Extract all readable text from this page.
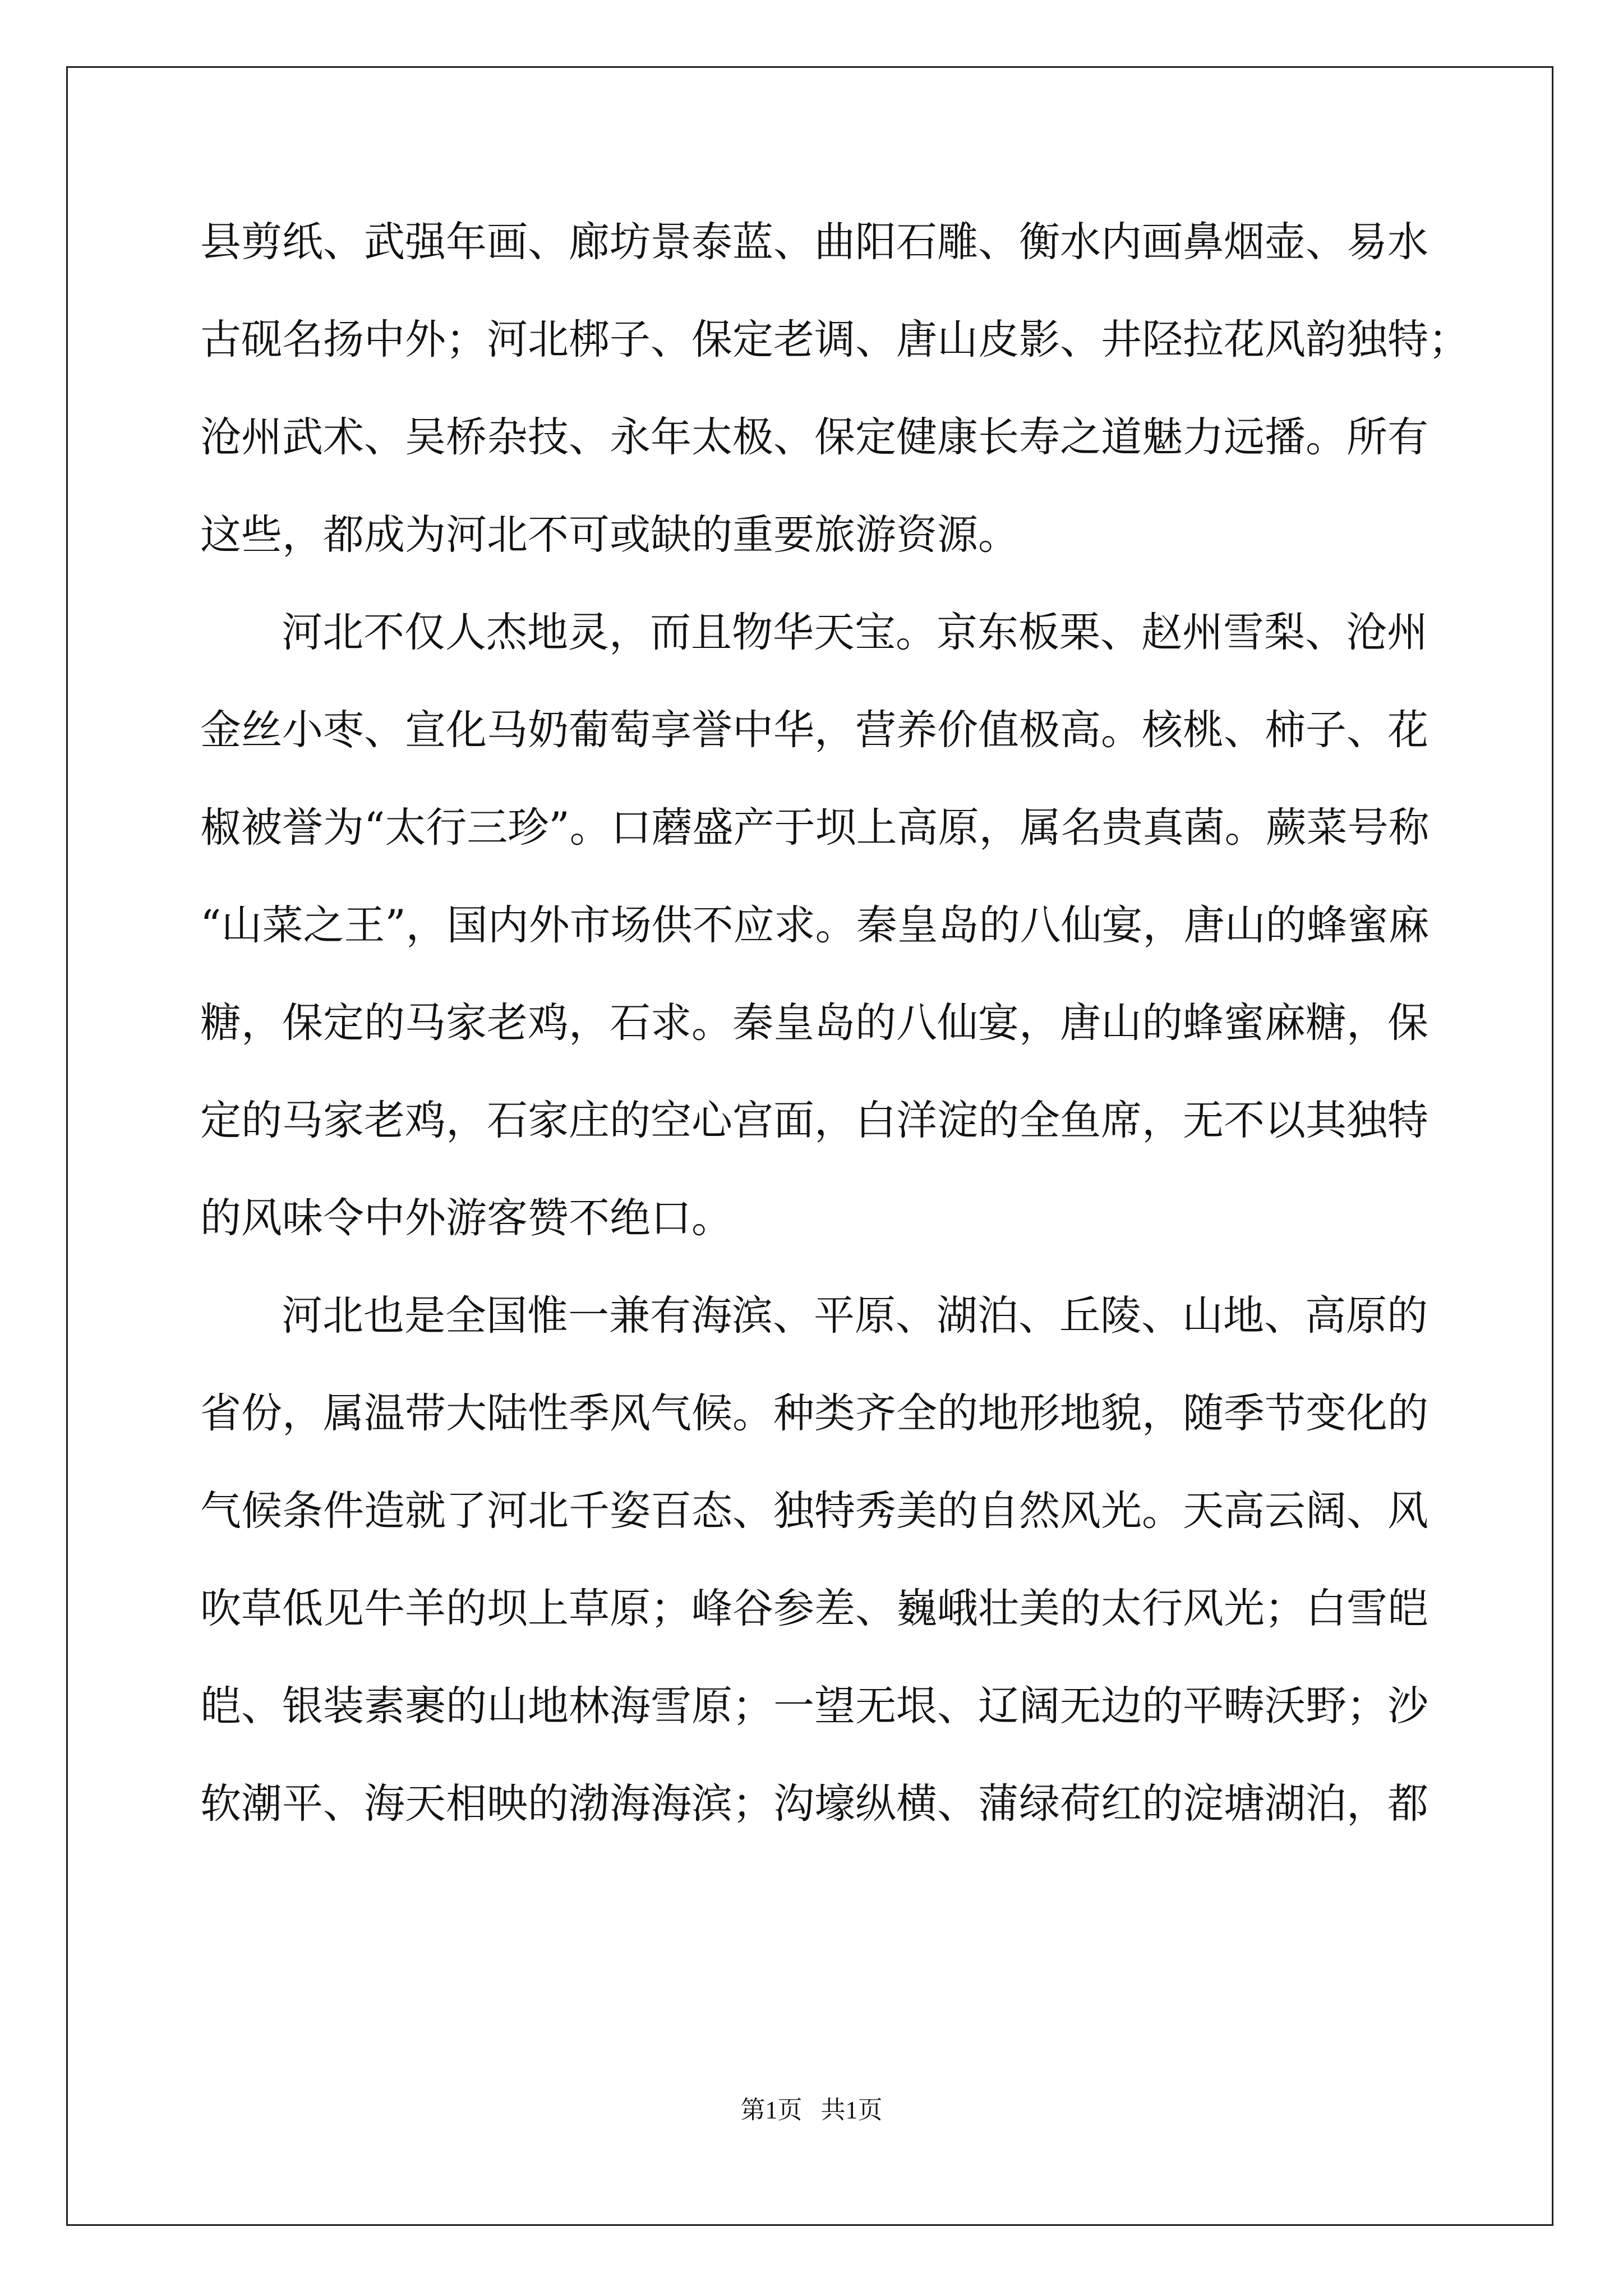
县剪纸、武强年画、廊坊景泰蓝、曲阳石雕、衡水内画鼻烟壶、易水
古砚名扬中外；河北梆子、保定老调、唐山皮影、井陉拉花风韵独特；
沧州武术、吴桥杂技、永年太极、保定健康长寿之道魅力远播。所有
这些，都成为河北不可或缺的重要旅游资源。
河北不仅人杰地灵，而且物华天宝。京东板栗、赵州雪梨、沧州
金丝小枣、宣化马奶葡萄享誉中华，营养价值极高。核桃、柿子、花
椒被誉为“太行三珍”。口蘑盛产于坝上高原，属名贵真菌。蕨菜号称
“山菜之王”，国内外市场供不应求。秦皇岛的八仙宴，唐山的蜂蜜麻
糖，保定的马家老鸡，石求。秦皇岛的八仙宴，唐山的蜂蜜麻糖，保
定的马家老鸡，石家庄的空心宫面，白洋淀的全鱼席，无不以其独特
的风味令中外游客赞不绝口。
河北也是全国惟一兼有海滨、平原、湖泊、丘陵、山地、高原的
省份，属温带大陆性季风气候。种类齐全的地形地貌，随季节变化的
气候条件造就了河北千姿百态、独特秀美的自然风光。天高云阔、风
吹草低见牛羊的坝上草原；峰谷参差、巍峨壮美的太行风光；白雪皑
皑、银装素裹的山地林海雪原；一望无垠、辽阔无边的平畴沃野；沙
软潮平、海天相映的渤海海滨；沟壕纵横、蒲绿荷红的淀塘湖泊，都
第1页   共1页
